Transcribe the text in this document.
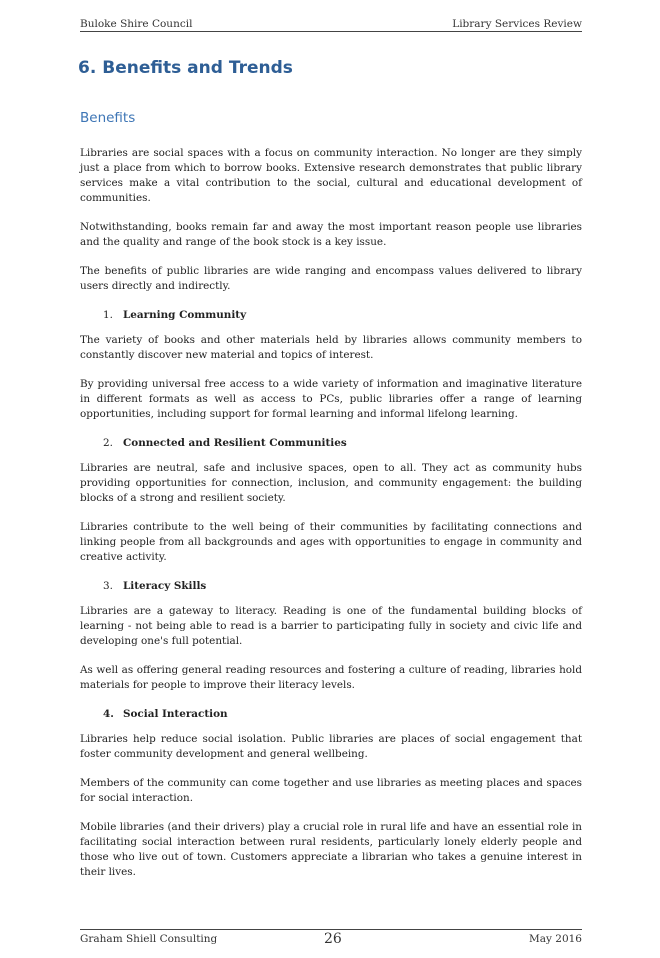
Buloke Shire Council	Library Services Review
6. Benefits and Trends
Benefits

Libraries are social spaces with a focus on community interaction. No longer are they simply just a place from which to borrow books. Extensive research demonstrates that public library services make a vital contribution to the social, cultural and educational development of communities.

Notwithstanding, books remain far and away the most important reason people use libraries and the quality and range of the book stock is a key issue.

The benefits of public libraries are wide ranging and encompass values delivered to library users directly and indirectly.

1. Learning Community

The variety of books and other materials held by libraries allows community members to constantly discover new material and topics of interest.

By providing universal free access to a wide variety of information and imaginative literature in different formats as well as access to PCs, public libraries offer a range of learning opportunities, including support for formal learning and informal lifelong learning.

2. Connected and Resilient Communities

Libraries are neutral, safe and inclusive spaces, open to all. They act as community hubs providing opportunities for connection, inclusion, and community engagement: the building blocks of a strong and resilient society.

Libraries contribute to the well being of their communities by facilitating connections and linking people from all backgrounds and ages with opportunities to engage in community and creative activity.

3. Literacy Skills

Libraries are a gateway to literacy. Reading is one of the fundamental building blocks of learning - not being able to read is a barrier to participating fully in society and civic life and developing one's full potential.

As well as offering general reading resources and fostering a culture of reading, libraries hold materials for people to improve their literacy levels.

4. Social Interaction

Libraries help reduce social isolation. Public libraries are places of social engagement that foster community development and general wellbeing.

Members of the community can come together and use libraries as meeting places and spaces for social interaction.

Mobile libraries (and their drivers) play a crucial role in rural life and have an essential role in facilitating social interaction between rural residents, particularly lonely elderly people and those who live out of town. Customers appreciate a librarian who takes a genuine interest in their lives.

Graham Shiell Consulting	26	May 2016
